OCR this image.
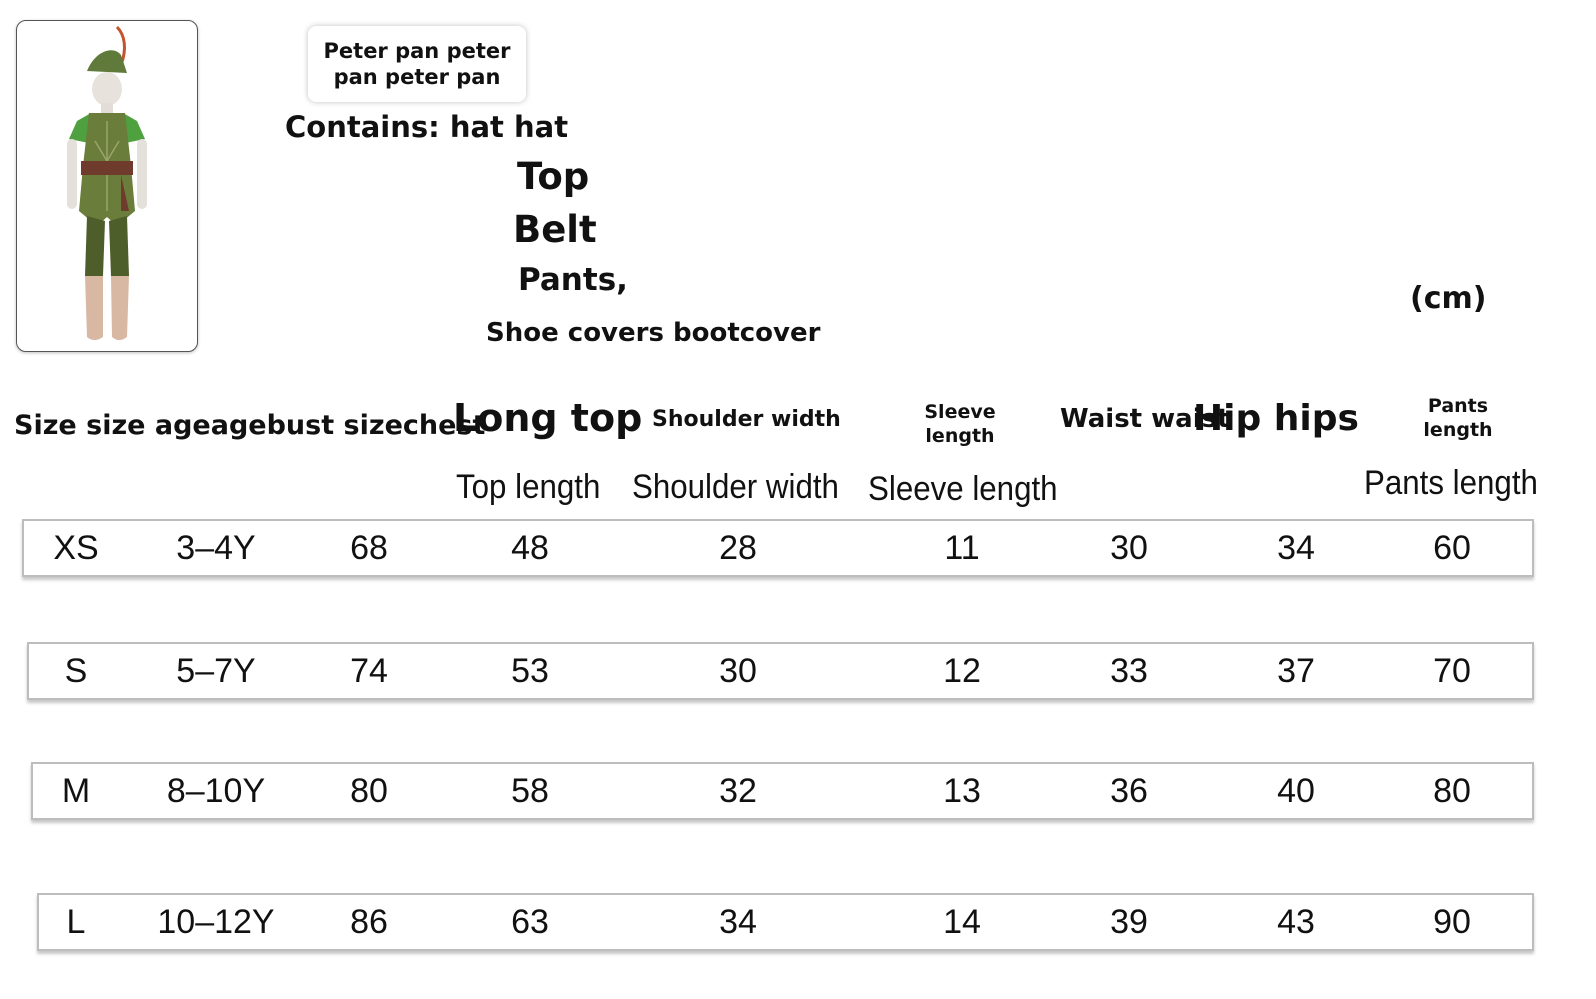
Peter pan peter
pan peter pan
Contains: hat hat
Top
Belt
Pants,
Shoe covers bootcover
(cm)
Size size ageagebust sizechest
Long top Shoulder width	Sleeve
length
Waist waist
Hip hips	Pants
length
Top length Shoulder width Sleeve length	Pants length
XS	3–4Y	68	48	28	11	30	34	60
S	5–7Y	74	53	30	12	33	37	70
M	8–10Y	80	58	32	13	36	40	80
L	10–12Y	86	63	34	14	39	43	90
